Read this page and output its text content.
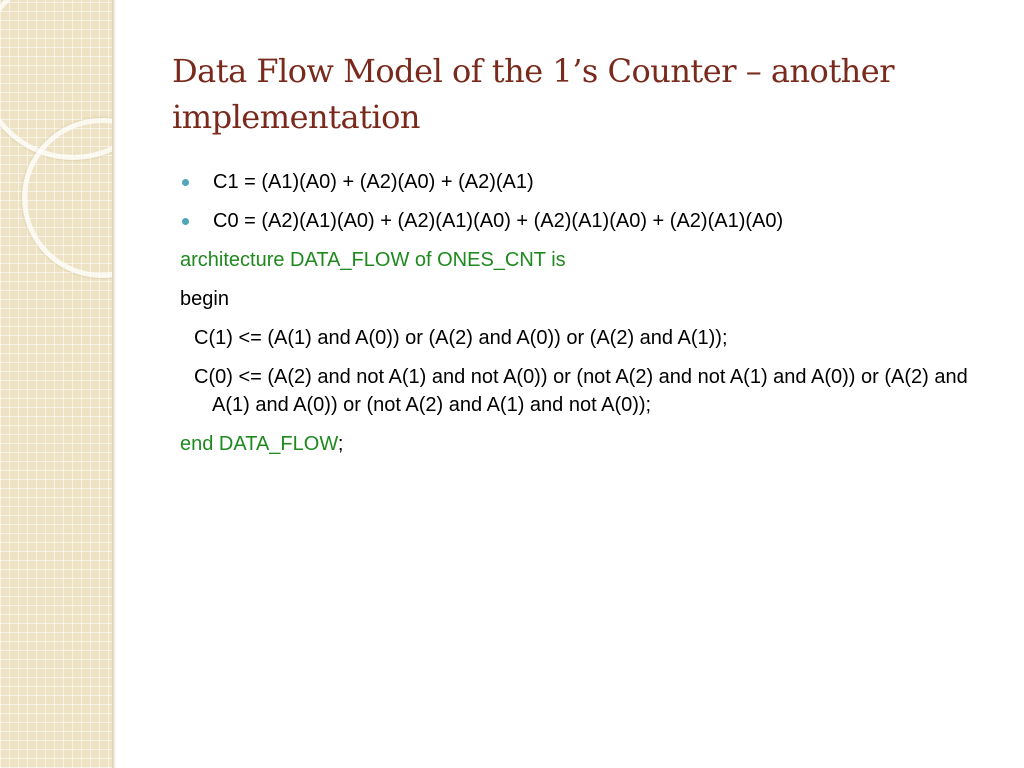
Data Flow Model of the 1’s Counter – another implementation
C1 = (A1)(A0) + (A2)(A0) + (A2)(A1)
C0 = (A2)(A1)(A0) + (A2)(A1)(A0) + (A2)(A1)(A0) + (A2)(A1)(A0)
architecture DATA_FLOW of ONES_CNT is
begin
C(1) <= (A(1) and A(0)) or (A(2) and A(0)) or (A(2) and A(1));
C(0) <= (A(2) and not A(1) and not A(0)) or (not A(2) and not A(1) and A(0)) or (A(2) and A(1) and A(0)) or (not A(2) and A(1) and not A(0));
end DATA_FLOW;
